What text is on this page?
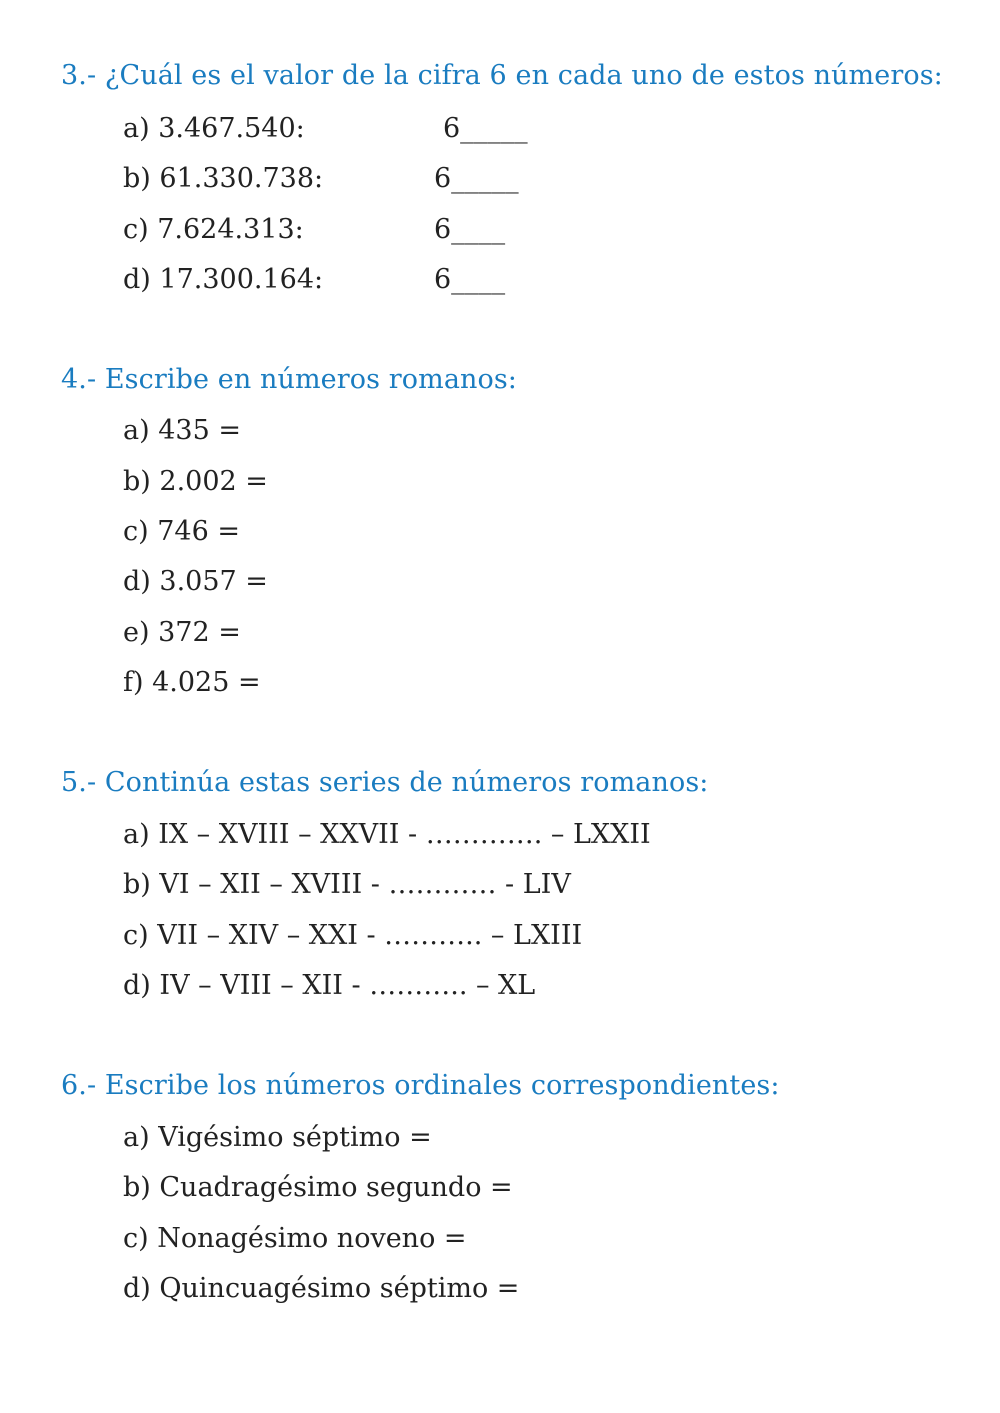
3.- ¿Cuál es el valor de la cifra 6 en cada uno de estos números:

a) 3.467.540:	6_____

b) 61.330.738:	6_____

c) 7.624.313:	6____

d) 17.300.164:	6____

4.- Escribe en números romanos:

a) 435 =

b) 2.002 =

c) 746 =

d) 3.057 =

e) 372 =

f) 4.025 =

5.- Continúa estas series de números romanos:

a) IX – XVIII – XXVII - …………. – LXXII

b) VI – XII – XVIII - ………… - LIV

c) VII – XIV – XXI - ……….. – LXIII

d) IV – VIII – XII - ……….. – XL

6.- Escribe los números ordinales correspondientes:

a) Vigésimo séptimo =

b) Cuadragésimo segundo =

c) Nonagésimo noveno =

d) Quincuagésimo séptimo =
